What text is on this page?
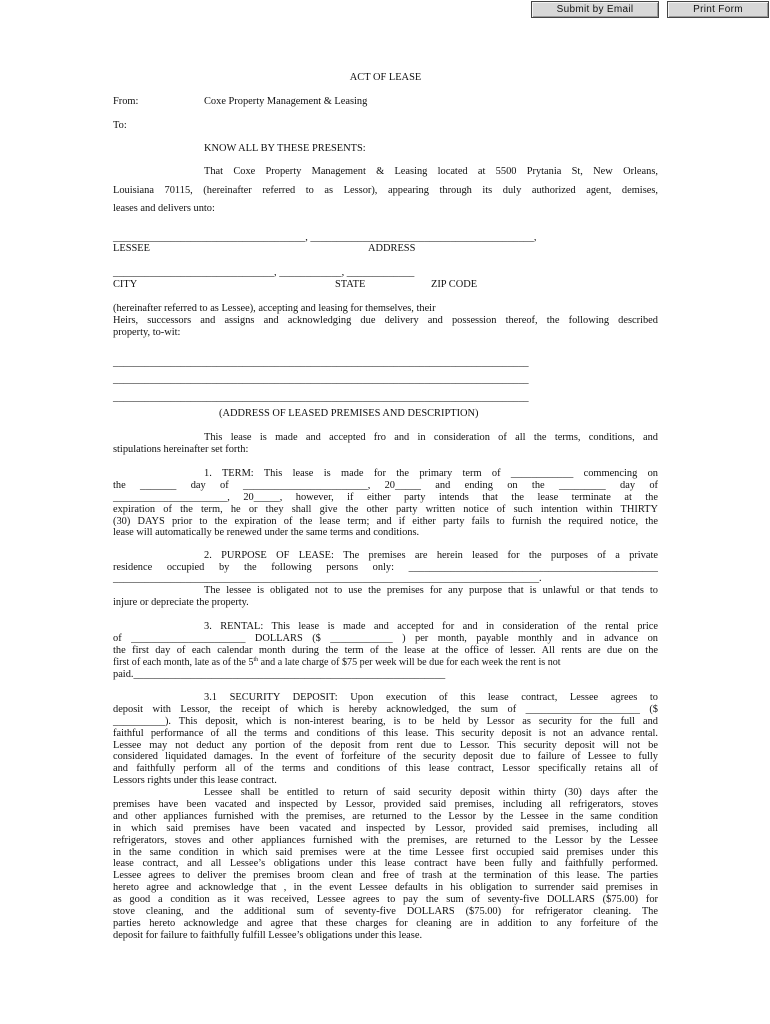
Submit by Email	Print Form
ACT OF LEASE
From:	Coxe Property Management & Leasing
To:
KNOW ALL BY THESE PRESENTS:
That Coxe Property Management & Leasing located at 5500 Prytania St, New Orleans,
Louisiana 70115, (hereinafter referred to as Lessor), appearing through its duly authorized agent, demises,
leases and delivers unto:
_____________________________________, ___________________________________________,
LESSEE	ADDRESS
_______________________________, ____________, _____________
CITY	STATE	ZIP CODE
(hereinafter referred to as Lessee), accepting and leasing for themselves, their
Heirs, successors and assigns and acknowledging due delivery and possession thereof, the following described
property, to-wit:
________________________________________________________________________________
________________________________________________________________________________
________________________________________________________________________________
(ADDRESS OF LEASED PREMISES AND DESCRIPTION)
This lease is made and accepted fro and in consideration of all the terms, conditions, and
stipulations hereinafter set forth:
1. TERM: This lease is made for the primary term of ____________ commencing on
the _______ day of ________________________, 20_____ and ending on the _________ day of
______________________, 20_____, however, if either party intends that the lease terminate at the
expiration of the term, he or they shall give the other party written notice of such intention within THIRTY
(30) DAYS prior to the expiration of the lease term; and if either party fails to furnish the required notice, the
lease will automatically be renewed under the same terms and conditions.
2. PURPOSE OF LEASE: The premises are herein leased for the purposes of a private
residence occupied by the following persons only: ________________________________________________
__________________________________________________________________________________.
The lessee is obligated not to use the premises for any purpose that is unlawful or that tends to
injure or depreciate the property.
3. RENTAL: This lease is made and accepted for and in consideration of the rental price
of ______________________ DOLLARS ($ ____________ ) per month, payable monthly and in advance on
the first day of each calendar month during the term of the lease at the office of lesser. All rents are due on the
first of each month, late as of the 5th and a late charge of $75 per week will be due for each week the rent is not
paid.____________________________________________________________
3.1 SECURITY DEPOSIT: Upon execution of this lease contract, Lessee agrees to
deposit with Lessor, the receipt of which is hereby acknowledged, the sum of ______________________ ($
__________). This deposit, which is non-interest bearing, is to be held by Lessor as security for the full and
faithful performance of all the terms and conditions of this lease. This security deposit is not an advance rental.
Lessee may not deduct any portion of the deposit from rent due to Lessor. This security deposit will not be
considered liquidated damages. In the event of forfeiture of the security deposit due to failure of Lessee to fully
and faithfully perform all of the terms and conditions of this lease contract, Lessor specifically retains all of
Lessors rights under this lease contract.
Lessee shall be entitled to return of said security deposit within thirty (30) days after the
premises have been vacated and inspected by Lessor, provided said premises, including all refrigerators, stoves
and other appliances furnished with the premises, are returned to the Lessor by the Lessee in the same condition
in which said premises have been vacated and inspected by Lessor, provided said premises, including all
refrigerators, stoves and other appliances furnished with the premises, are returned to the Lessor by the Lessee
in the same condition in which said premises were at the time Lessee first occupied said premises under this
lease contract, and all Lessee’s obligations under this lease contract have been fully and faithfully performed.
Lessee agrees to deliver the premises broom clean and free of trash at the termination of this lease. The parties
hereto agree and acknowledge that , in the event Lessee defaults in his obligation to surrender said premises in
as good a condition as it was received, Lessee agrees to pay the sum of seventy-five DOLLARS ($75.00) for
stove cleaning, and the additional sum of seventy-five DOLLARS ($75.00) for refrigerator cleaning. The
parties hereto acknowledge and agree that these charges for cleaning are in addition to any forfeiture of the
deposit for failure to faithfully fulfill Lessee’s obligations under this lease.
